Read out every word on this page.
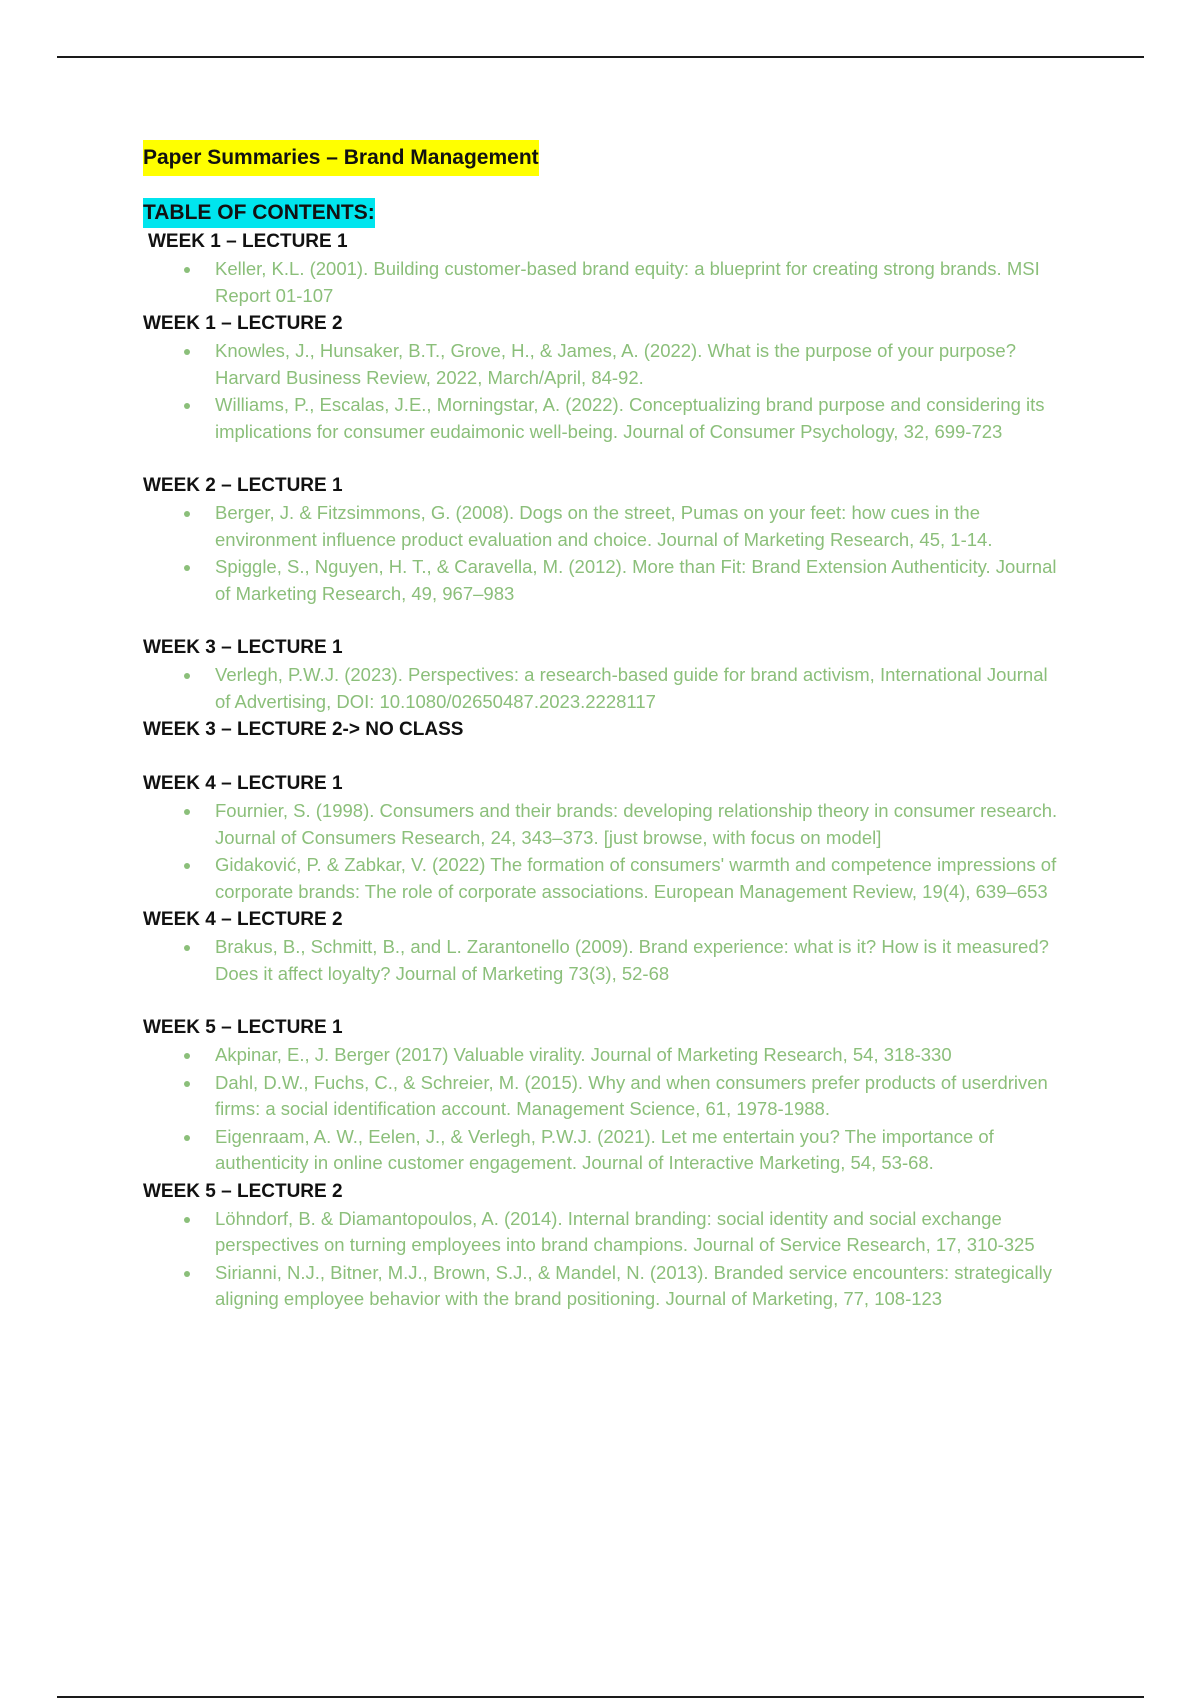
Paper Summaries – Brand Management
TABLE OF CONTENTS:

WEEK 1 – LECTURE 1

Keller, K.L. (2001). Building customer-based brand equity: a blueprint for creating strong brands. MSI Report 01-107

WEEK 1 – LECTURE 2

Knowles, J., Hunsaker, B.T., Grove, H., & James, A. (2022). What is the purpose of your purpose? Harvard Business Review, 2022, March/April, 84-92.
Williams, P., Escalas, J.E., Morningstar, A. (2022). Conceptualizing brand purpose and considering its implications for consumer eudaimonic well-being. Journal of Consumer Psychology, 32, 699-723

WEEK 2 – LECTURE 1

Berger, J. & Fitzsimmons, G. (2008). Dogs on the street, Pumas on your feet: how cues in the environment influence product evaluation and choice. Journal of Marketing Research, 45, 1-14.
Spiggle, S., Nguyen, H. T., & Caravella, M. (2012). More than Fit: Brand Extension Authenticity. Journal of Marketing Research, 49, 967–983

WEEK 3 – LECTURE 1

Verlegh, P.W.J. (2023). Perspectives: a research-based guide for brand activism, International Journal of Advertising, DOI: 10.1080/02650487.2023.2228117

WEEK 3 – LECTURE 2-> NO CLASS

WEEK 4 – LECTURE 1

Fournier, S. (1998). Consumers and their brands: developing relationship theory in consumer research. Journal of Consumers Research, 24, 343–373. [just browse, with focus on model]
Gidaković, P. & Zabkar, V. (2022) The formation of consumers' warmth and competence impressions of corporate brands: The role of corporate associations. European Management Review, 19(4), 639–653

WEEK 4 – LECTURE 2

Brakus, B., Schmitt, B., and L. Zarantonello (2009). Brand experience: what is it? How is it measured? Does it affect loyalty? Journal of Marketing 73(3), 52-68

WEEK 5 – LECTURE 1

Akpinar, E., J. Berger (2017) Valuable virality. Journal of Marketing Research, 54, 318-330
Dahl, D.W., Fuchs, C., & Schreier, M. (2015). Why and when consumers prefer products of userdriven firms: a social identification account. Management Science, 61, 1978-1988.
Eigenraam, A. W., Eelen, J., & Verlegh, P.W.J. (2021). Let me entertain you? The importance of authenticity in online customer engagement. Journal of Interactive Marketing, 54, 53-68.

WEEK 5 – LECTURE 2

Löhndorf, B. & Diamantopoulos, A. (2014). Internal branding: social identity and social exchange perspectives on turning employees into brand champions. Journal of Service Research, 17, 310-325
Sirianni, N.J., Bitner, M.J., Brown, S.J., & Mandel, N. (2013). Branded service encounters: strategically aligning employee behavior with the brand positioning. Journal of Marketing, 77, 108-123
